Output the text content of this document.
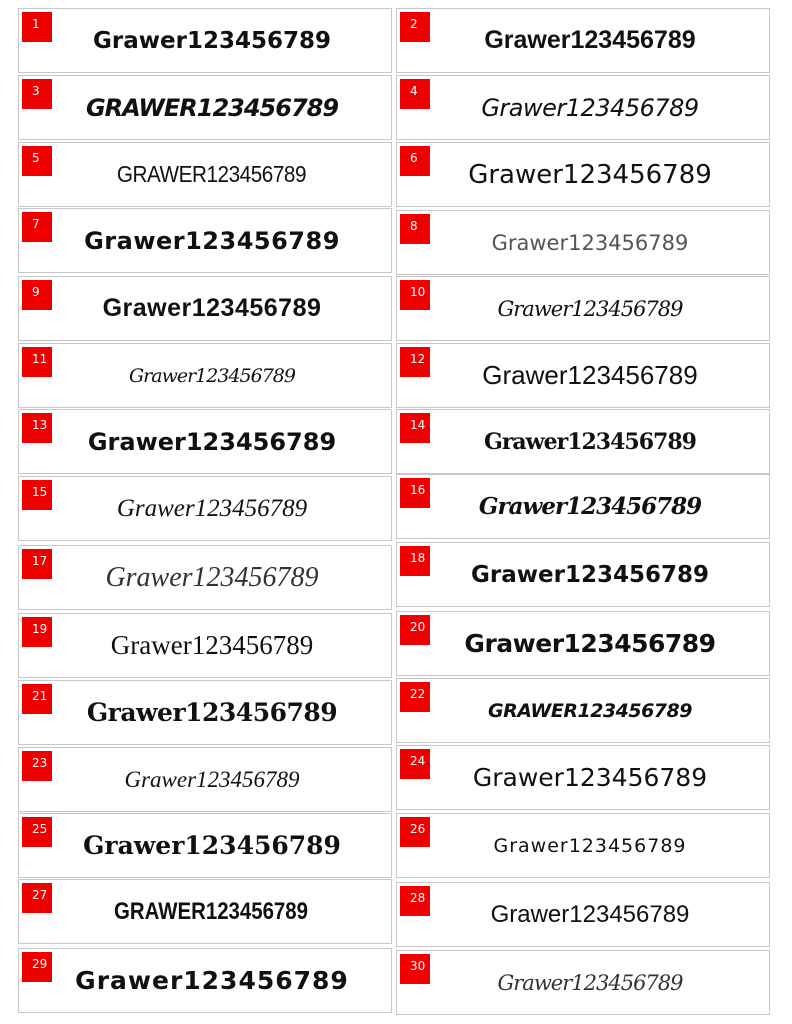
1
Grawer123456789
2
Grawer123456789
3
GRAWER123456789
4
Grawer123456789
5
GRAWER123456789
6
Grawer123456789
7
Grawer123456789
8
Grawer123456789
9
Grawer123456789
10
Grawer123456789
11
Grawer123456789
12
Grawer123456789
13
Grawer123456789
14
Grawer123456789
15
Grawer123456789
16
Grawer123456789
17
Grawer123456789
18
Grawer123456789
19
Grawer123456789
20
Grawer123456789
21
Grawer123456789
22
GRAWER123456789
23
Grawer123456789
24
Grawer123456789
25
Grawer123456789
26
Grawer123456789
27
GRAWER123456789	28
Grawer123456789
29
Grawer123456789	30
Grawer123456789
